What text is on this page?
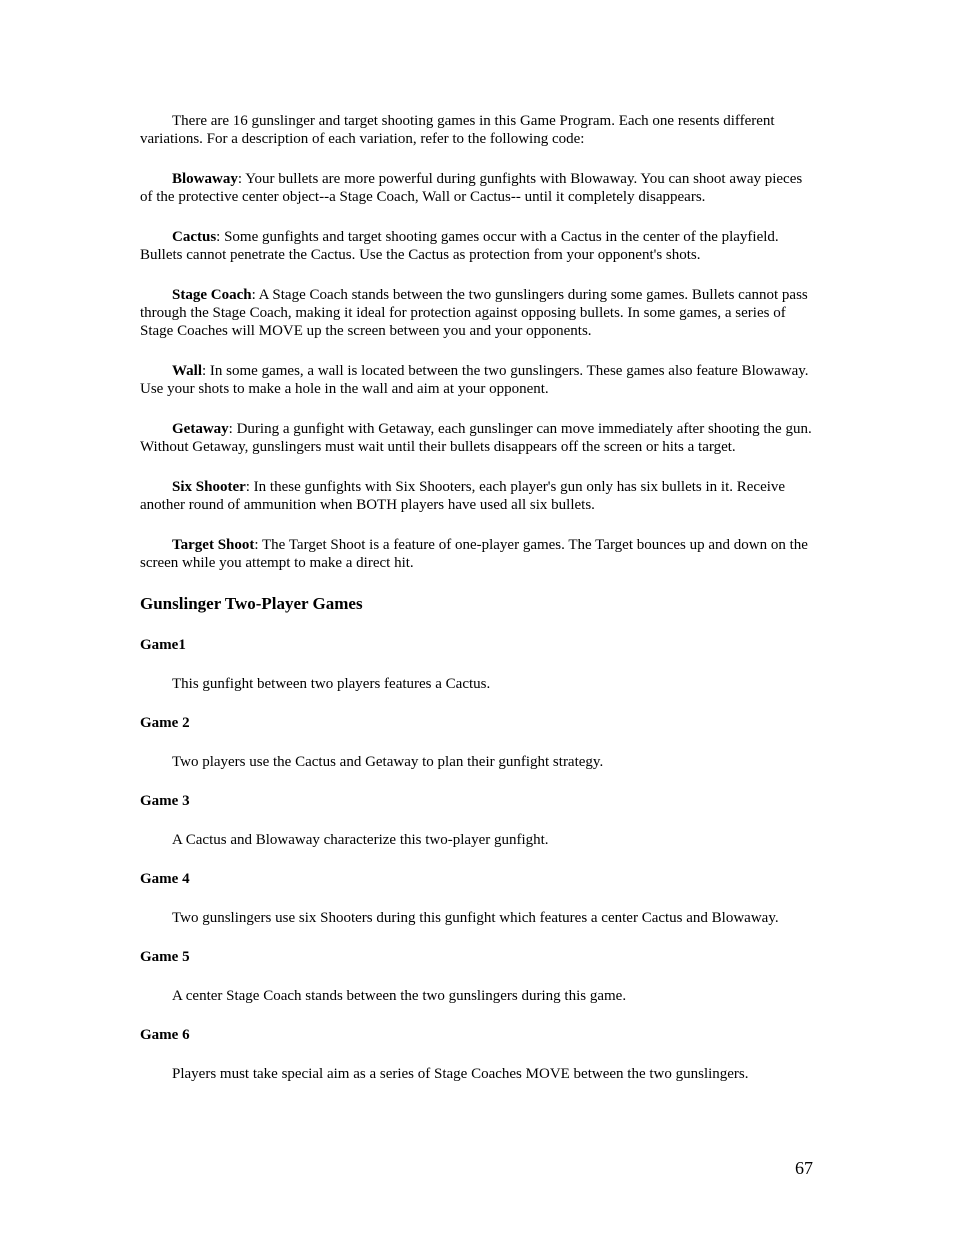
There are 16 gunslinger and target shooting games in this Game Program. Each one resents different variations. For a description of each variation, refer to the following code:

Blowaway: Your bullets are more powerful during gunfights with Blowaway. You can shoot away pieces of the protective center object--a Stage Coach, Wall or Cactus-- until it completely disappears.

Cactus: Some gunfights and target shooting games occur with a Cactus in the center of the playfield. Bullets cannot penetrate the Cactus. Use the Cactus as protection from your opponent's shots.

Stage Coach: A Stage Coach stands between the two gunslingers during some games. Bullets cannot pass through the Stage Coach, making it ideal for protection against opposing bullets. In some games, a series of Stage Coaches will MOVE up the screen between you and your opponents.

Wall: In some games, a wall is located between the two gunslingers. These games also feature Blowaway. Use your shots to make a hole in the wall and aim at your opponent.

Getaway: During a gunfight with Getaway, each gunslinger can move immediately after shooting the gun. Without Getaway, gunslingers must wait until their bullets disappears off the screen or hits a target.

Six Shooter: In these gunfights with Six Shooters, each player's gun only has six bullets in it. Receive another round of ammunition when BOTH players have used all six bullets.

Target Shoot: The Target Shoot is a feature of one-player games. The Target bounces up and down on the screen while you attempt to make a direct hit.

Gunslinger Two-Player Games
Game1

This gunfight between two players features a Cactus.

Game 2

Two players use the Cactus and Getaway to plan their gunfight strategy.

Game 3

A Cactus and Blowaway characterize this two-player gunfight.

Game 4

Two gunslingers use six Shooters during this gunfight which features a center Cactus and Blowaway.

Game 5

A center Stage Coach stands between the two gunslingers during this game.

Game 6

Players must take special aim as a series of Stage Coaches MOVE between the two gunslingers.

67
